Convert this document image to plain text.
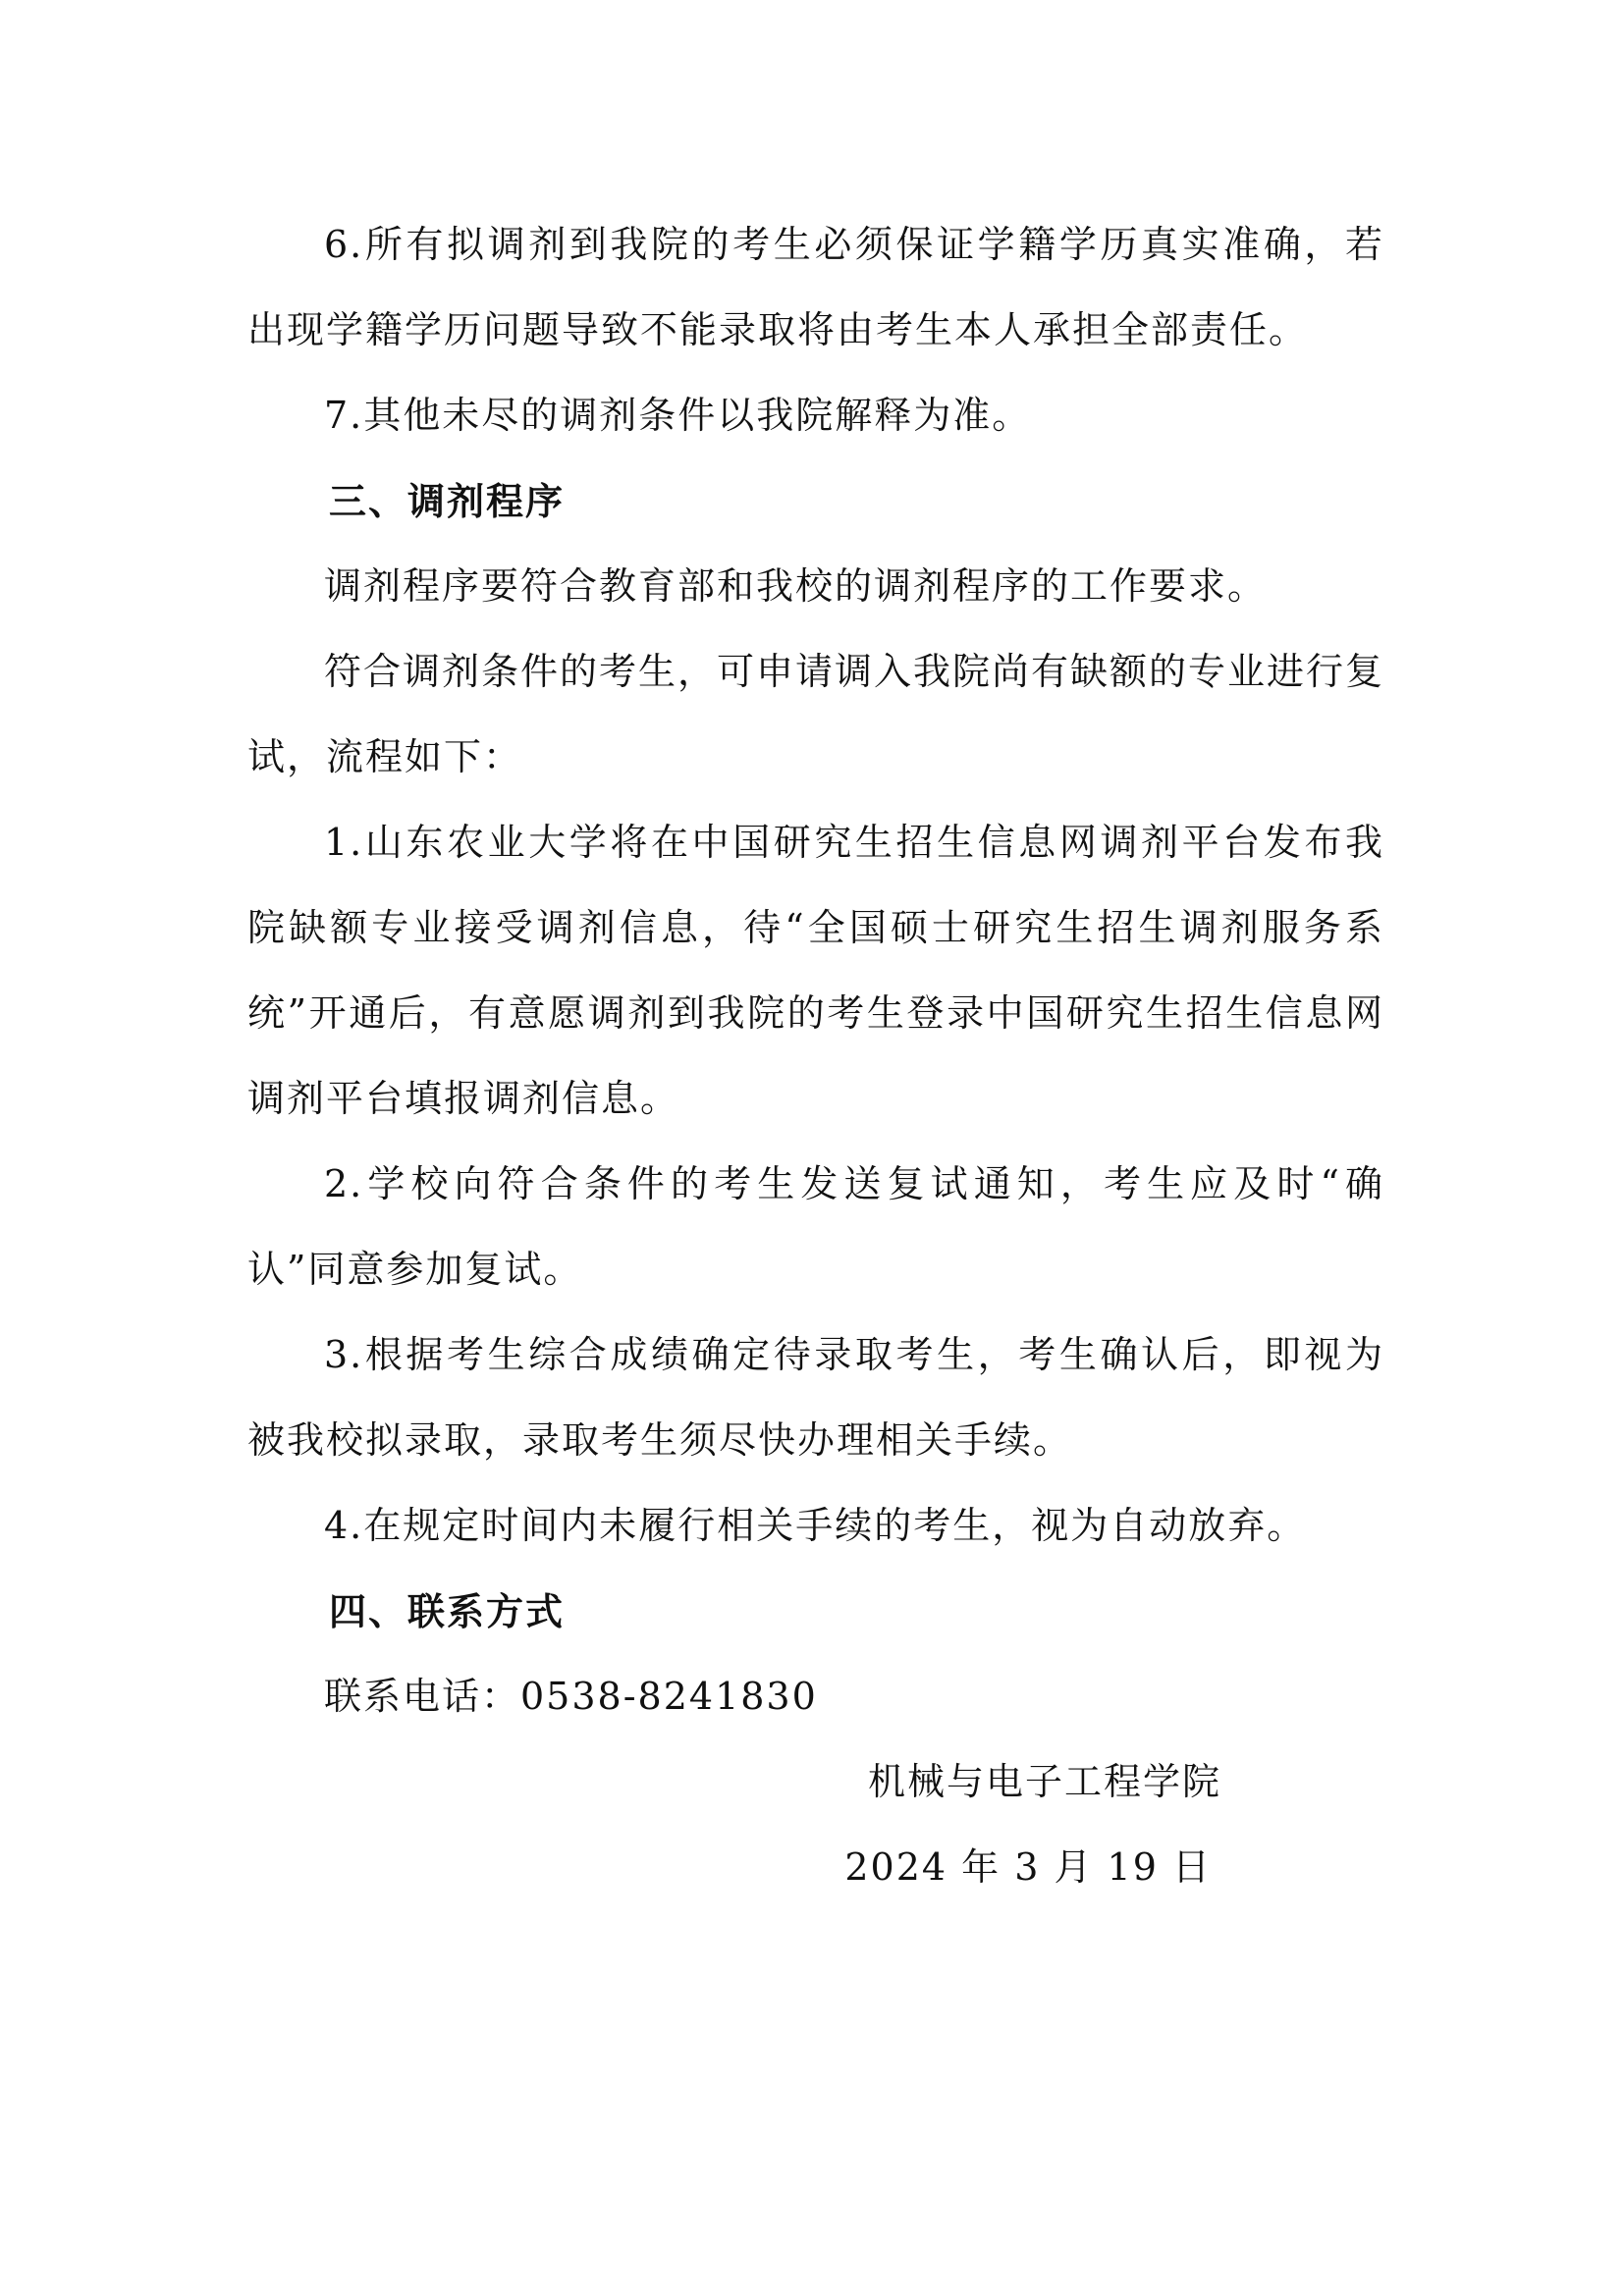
6.所有拟调剂到我院的考生必须保证学籍学历真实准确，若出现学籍学历问题导致不能录取将由考生本人承担全部责任。

7.其他未尽的调剂条件以我院解释为准。

三、调剂程序

调剂程序要符合教育部和我校的调剂程序的工作要求。

符合调剂条件的考生，可申请调入我院尚有缺额的专业进行复试，流程如下：

1.山东农业大学将在中国研究生招生信息网调剂平台发布我院缺额专业接受调剂信息，待“全国硕士研究生招生调剂服务系统”开通后，有意愿调剂到我院的考生登录中国研究生招生信息网调剂平台填报调剂信息。

2.学校向符合条件的考生发送复试通知，考生应及时“确认”同意参加复试。

3.根据考生综合成绩确定待录取考生，考生确认后，即视为被我校拟录取，录取考生须尽快办理相关手续。

4.在规定时间内未履行相关手续的考生，视为自动放弃。

四、联系方式

联系电话：0538-8241830

机械与电子工程学院

2024 年 3 月 19 日
